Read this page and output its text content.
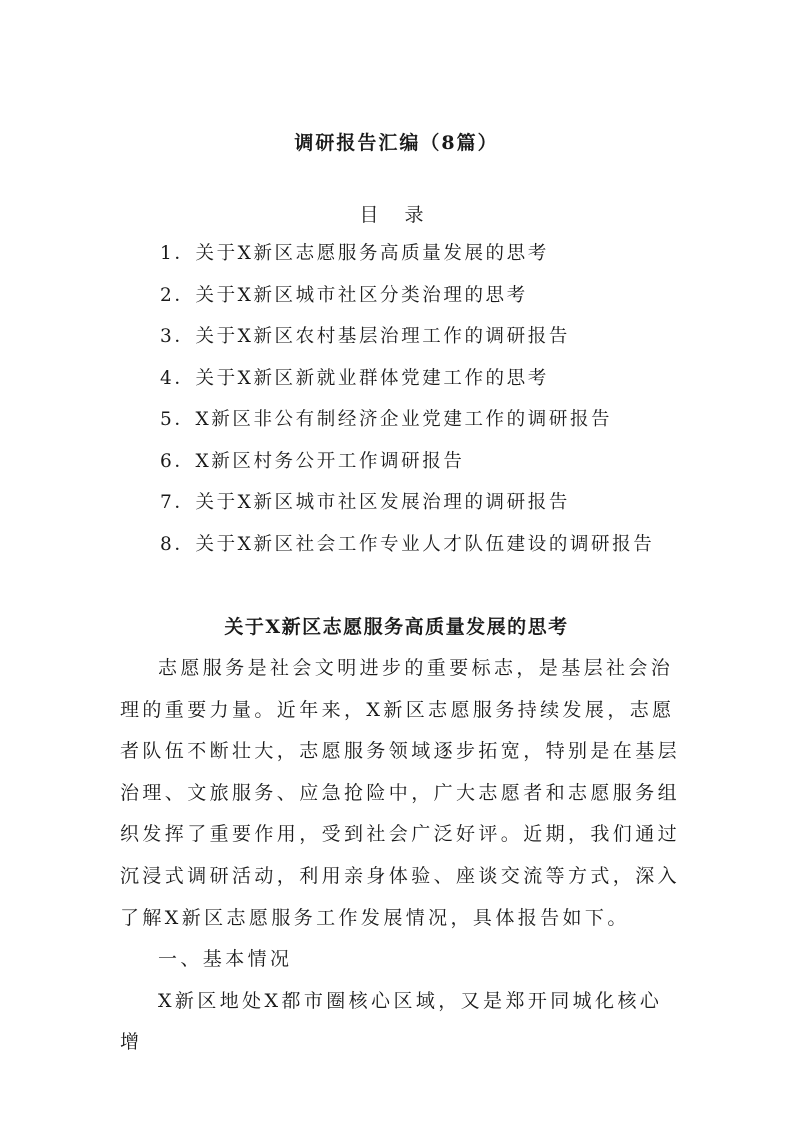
调研报告汇编（8篇）
目 录
1．关于X新区志愿服务高质量发展的思考
2．关于X新区城市社区分类治理的思考
3．关于X新区农村基层治理工作的调研报告
4．关于X新区新就业群体党建工作的思考
5．X新区非公有制经济企业党建工作的调研报告
6．X新区村务公开工作调研报告
7．关于X新区城市社区发展治理的调研报告
8．关于X新区社会工作专业人才队伍建设的调研报告
关于X新区志愿服务高质量发展的思考

志愿服务是社会文明进步的重要标志，是基层社会治理的重要力量。近年来，X新区志愿服务持续发展，志愿者队伍不断壮大，志愿服务领域逐步拓宽，特别是在基层治理、文旅服务、应急抢险中，广大志愿者和志愿服务组织发挥了重要作用，受到社会广泛好评。近期，我们通过沉浸式调研活动，利用亲身体验、座谈交流等方式，深入了解X新区志愿服务工作发展情况，具体报告如下。

一、基本情况

X新区地处X都市圈核心区域，又是郑开同城化核心增
